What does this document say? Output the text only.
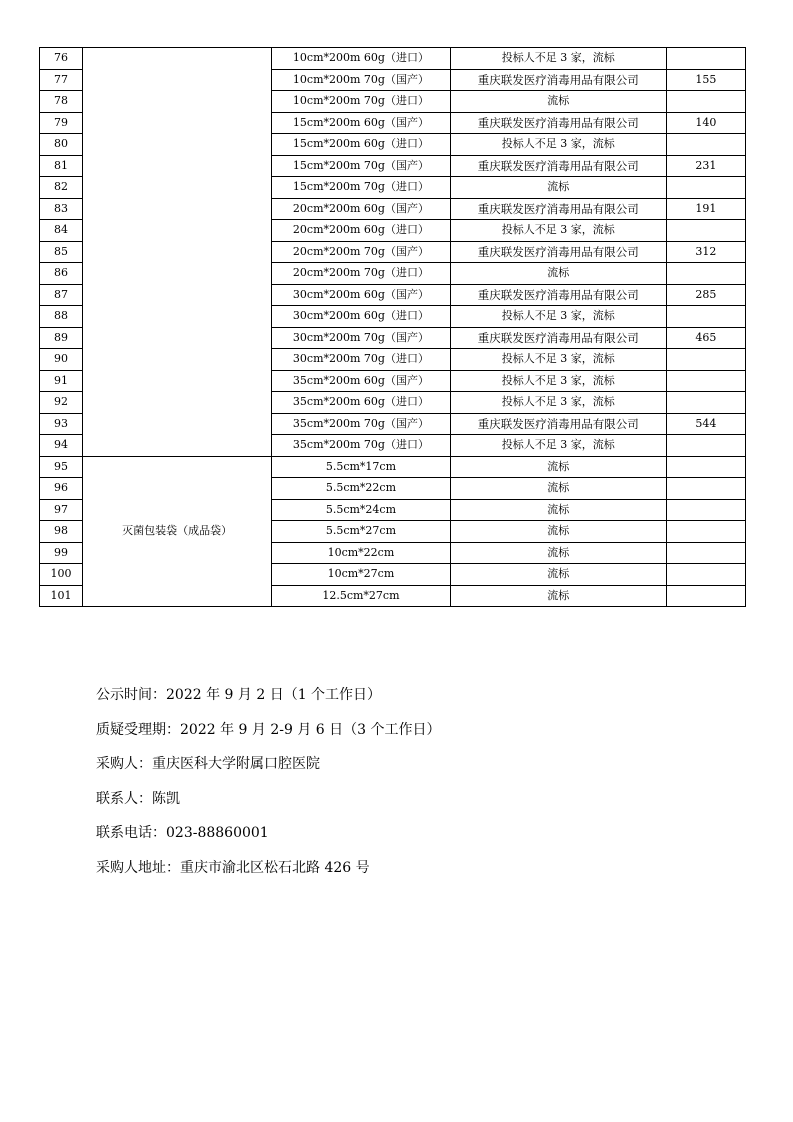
76		10cm*200m 60g（进口）	投标人不足 3 家，流标	
77		10cm*200m 70g（国产）	重庆联发医疗消毒用品有限公司	155
78		10cm*200m 70g（进口）	流标	
79		15cm*200m 60g（国产）	重庆联发医疗消毒用品有限公司	140
80		15cm*200m 60g（进口）	投标人不足 3 家，流标	
81		15cm*200m 70g（国产）	重庆联发医疗消毒用品有限公司	231
82		15cm*200m 70g（进口）	流标	
83		20cm*200m 60g（国产）	重庆联发医疗消毒用品有限公司	191
84		20cm*200m 60g（进口）	投标人不足 3 家，流标	
85		20cm*200m 70g（国产）	重庆联发医疗消毒用品有限公司	312
86		20cm*200m 70g（进口）	流标	
87		30cm*200m 60g（国产）	重庆联发医疗消毒用品有限公司	285
88		30cm*200m 60g（进口）	投标人不足 3 家，流标	
89		30cm*200m 70g（国产）	重庆联发医疗消毒用品有限公司	465
90		30cm*200m 70g（进口）	投标人不足 3 家，流标	
91		35cm*200m 60g（国产）	投标人不足 3 家，流标	
92		35cm*200m 60g（进口）	投标人不足 3 家，流标	
93		35cm*200m 70g（国产）	重庆联发医疗消毒用品有限公司	544
94		35cm*200m 70g（进口）	投标人不足 3 家，流标	
95	灭菌包装袋（成品袋）	5.5cm*17cm	流标	
96		5.5cm*22cm	流标	
97		5.5cm*24cm	流标	
98		5.5cm*27cm	流标	
99		10cm*22cm	流标	
100		10cm*27cm	流标	
101		12.5cm*27cm	流标	
公示时间：2022 年 9 月 2 日（1 个工作日）
质疑受理期：2022 年 9 月 2-9 月 6 日（3 个工作日）
采购人：重庆医科大学附属口腔医院
联系人：陈凯
联系电话：023-88860001
采购人地址：重庆市渝北区松石北路 426 号
